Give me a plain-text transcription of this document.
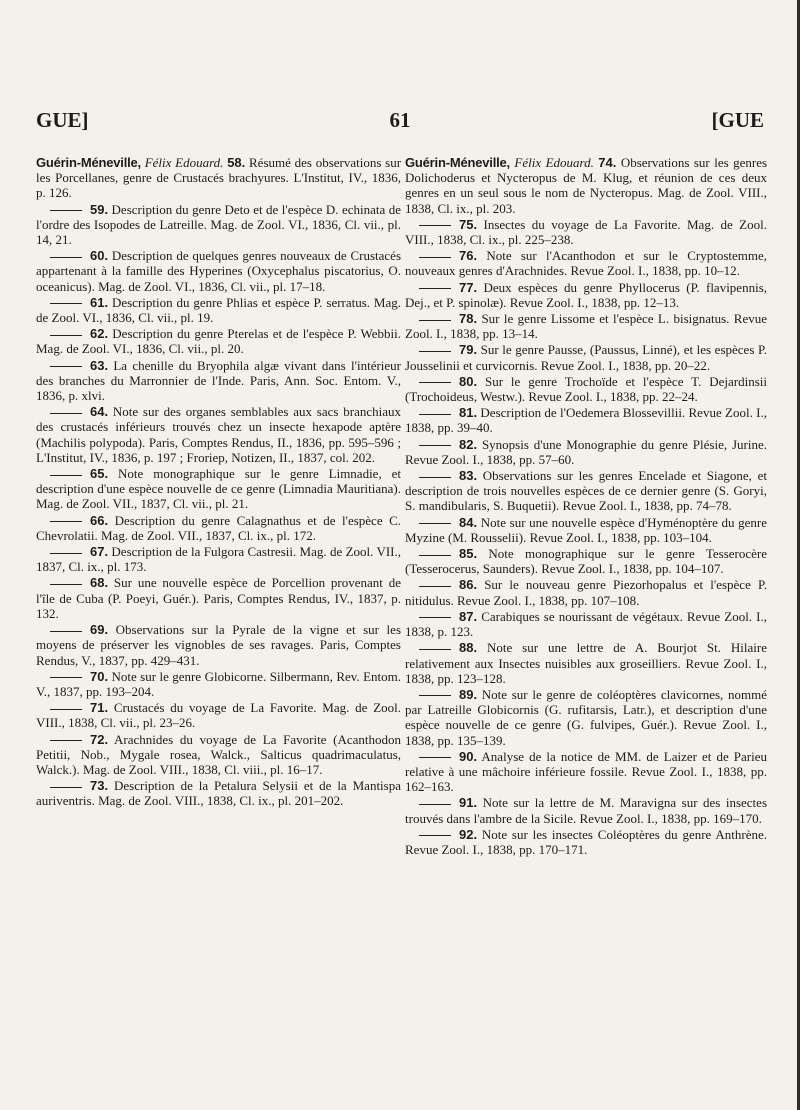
GUE]	61	[GUE

Guérin-Méneville, Félix Edouard. 58. Résumé des observations sur les Porcellanes, genre de Crustacés brachyures. L'Institut, IV., 1836, p. 126.

59. Description du genre Deto et de l'espèce D. echinata de l'ordre des Isopodes de Latreille. Mag. de Zool. VI., 1836, Cl. vii., pl. 14, 21.

60. Description de quelques genres nouveaux de Crustacés appartenant à la famille des Hyperines (Oxycephalus piscatorius, O. oceanicus). Mag. de Zool. VI., 1836, Cl. vii., pl. 17–18.

61. Description du genre Phlias et espèce P. serratus. Mag. de Zool. VI., 1836, Cl. vii., pl. 19.

62. Description du genre Pterelas et de l'espèce P. Webbii. Mag. de Zool. VI., 1836, Cl. vii., pl. 20.

63. La chenille du Bryophila algæ vivant dans l'intérieur des branches du Marronnier de l'Inde. Paris, Ann. Soc. Entom. V., 1836, p. xlvi.

64. Note sur des organes semblables aux sacs branchiaux des crustacés inférieurs trouvés chez un insecte hexapode aptère (Machilis polypoda). Paris, Comptes Rendus, II., 1836, pp. 595–596 ; L'Institut, IV., 1836, p. 197 ; Froriep, Notizen, II., 1837, col. 202.

65. Note monographique sur le genre Limnadie, et description d'une espèce nouvelle de ce genre (Limnadia Mauritiana). Mag. de Zool. VII., 1837, Cl. vii., pl. 21.

66. Description du genre Calagnathus et de l'espèce C. Chevrolatii. Mag. de Zool. VII., 1837, Cl. ix., pl. 172.

67. Description de la Fulgora Castresii. Mag. de Zool. VII., 1837, Cl. ix., pl. 173.

68. Sur une nouvelle espèce de Porcellion provenant de l'île de Cuba (P. Poeyi, Guér.). Paris, Comptes Rendus, IV., 1837, p. 132.

69. Observations sur la Pyrale de la vigne et sur les moyens de préserver les vignobles de ses ravages. Paris, Comptes Rendus, V., 1837, pp. 429–431.

70. Note sur le genre Globicorne. Silbermann, Rev. Entom. V., 1837, pp. 193–204.

71. Crustacés du voyage de La Favorite. Mag. de Zool. VIII., 1838, Cl. vii., pl. 23–26.

72. Arachnides du voyage de La Favorite (Acanthodon Petitii, Nob., Mygale rosea, Walck., Salticus quadrimaculatus, Walck.). Mag. de Zool. VIII., 1838, Cl. viii., pl. 16–17.

73. Description de la Petalura Selysii et de la Mantispa auriventris. Mag. de Zool. VIII., 1838, Cl. ix., pl. 201–202.

Guérin-Méneville, Félix Edouard. 74. Observations sur les genres Dolichoderus et Nycteropus de M. Klug, et réunion de ces deux genres en un seul sous le nom de Nycteropus. Mag. de Zool. VIII., 1838, Cl. ix., pl. 203.

75. Insectes du voyage de La Favorite. Mag. de Zool. VIII., 1838, Cl. ix., pl. 225–238.

76. Note sur l'Acanthodon et sur le Cryptostemme, nouveaux genres d'Arachnides. Revue Zool. I., 1838, pp. 10–12.

77. Deux espèces du genre Phyllocerus (P. flavipennis, Dej., et P. spinolæ). Revue Zool. I., 1838, pp. 12–13.

78. Sur le genre Lissome et l'espèce L. bisignatus. Revue Zool. I., 1838, pp. 13–14.

79. Sur le genre Pausse, (Paussus, Linné), et les espèces P. Jousselinii et curvicornis. Revue Zool. I., 1838, pp. 20–22.

80. Sur le genre Trochoïde et l'espèce T. Dejardinsii (Trochoideus, Westw.). Revue Zool. I., 1838, pp. 22–24.

81. Description de l'Oedemera Blossevillii. Revue Zool. I., 1838, pp. 39–40.

82. Synopsis d'une Monographie du genre Plésie, Jurine. Revue Zool. I., 1838, pp. 57–60.

83. Observations sur les genres Encelade et Siagone, et description de trois nouvelles espèces de ce dernier genre (S. Goryi, S. mandibularis, S. Buquetii). Revue Zool. I., 1838, pp. 74–78.

84. Note sur une nouvelle espèce d'Hyménoptère du genre Myzine (M. Rousselii). Revue Zool. I., 1838, pp. 103–104.

85. Note monographique sur le genre Tesserocère (Tesserocerus, Saunders). Revue Zool. I., 1838, pp. 104–107.

86. Sur le nouveau genre Piezorhopalus et l'espèce P. nitidulus. Revue Zool. I., 1838, pp. 107–108.

87. Carabiques se nourissant de végétaux. Revue Zool. I., 1838, p. 123.

88. Note sur une lettre de A. Bourjot St. Hilaire relativement aux Insectes nuisibles aux groseilliers. Revue Zool. I., 1838, pp. 123–128.

89. Note sur le genre de coléoptères clavicornes, nommé par Latreille Globicornis (G. rufitarsis, Latr.), et description d'une espèce nouvelle de ce genre (G. fulvipes, Guér.). Revue Zool. I., 1838, pp. 135–139.

90. Analyse de la notice de MM. de Laizer et de Parieu relative à une mâchoire inférieure fossile. Revue Zool. I., 1838, pp. 162–163.

91. Note sur la lettre de M. Maravigna sur des insectes trouvés dans l'ambre de la Sicile. Revue Zool. I., 1838, pp. 169–170.

92. Note sur les insectes Coléoptères du genre Anthrène. Revue Zool. I., 1838, pp. 170–171.
